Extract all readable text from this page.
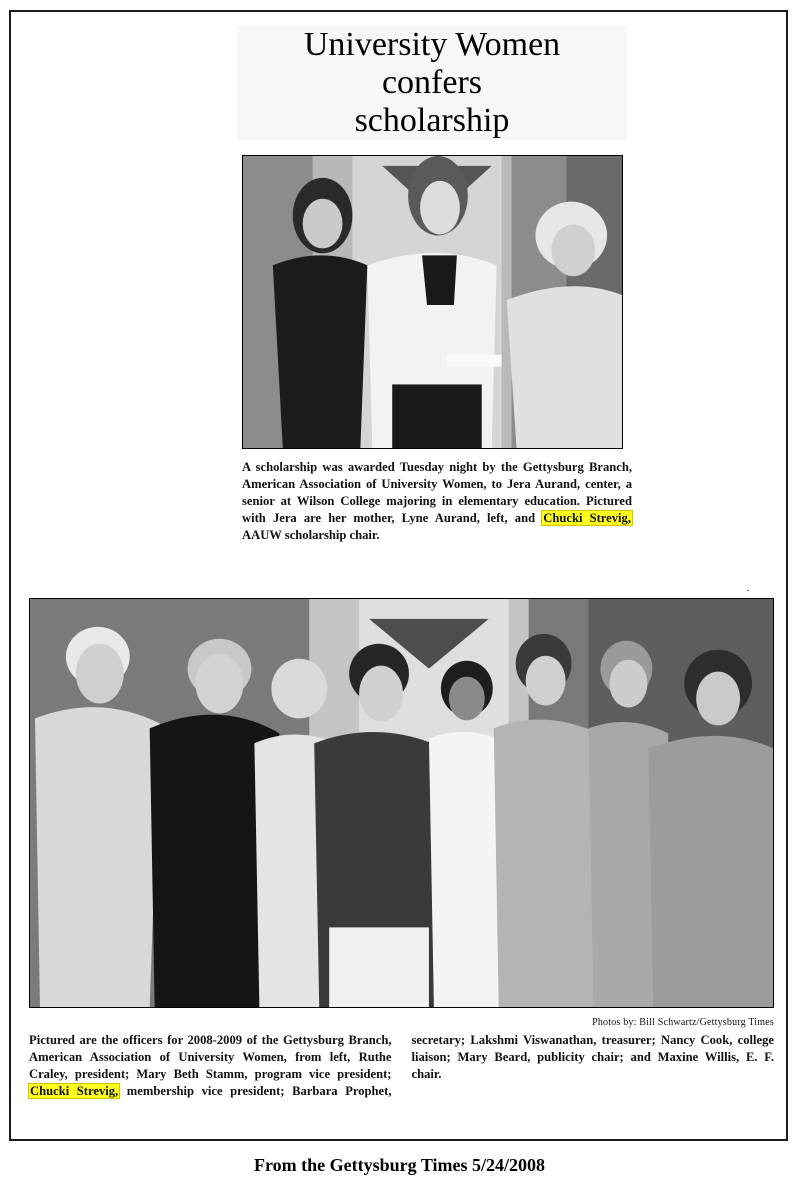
University Women
confers
scholarship
A scholarship was awarded Tuesday night by the Gettysburg Branch, American Association of University Women, to Jera Aurand, center, a senior at Wilson College majoring in elementary education. Pictured with Jera are her mother, Lyne Aurand, left, and Chucki Strevig, AAUW scholarship chair.
.
Photos by: Bill Schwartz/Gettysburg Times
Pictured are the officers for 2008-2009 of the Gettysburg Branch, American Association of University Women, from left, Ruthe Craley, president; Mary Beth Stamm, program vice president; Chucki Strevig, membership vice president; Barbara Prophet, secretary; Lakshmi Viswanathan, treasurer; Nancy Cook, college liaison; Mary Beard, publicity chair; and Maxine Willis, E. F. chair.
From the Gettysburg Times 5/24/2008
